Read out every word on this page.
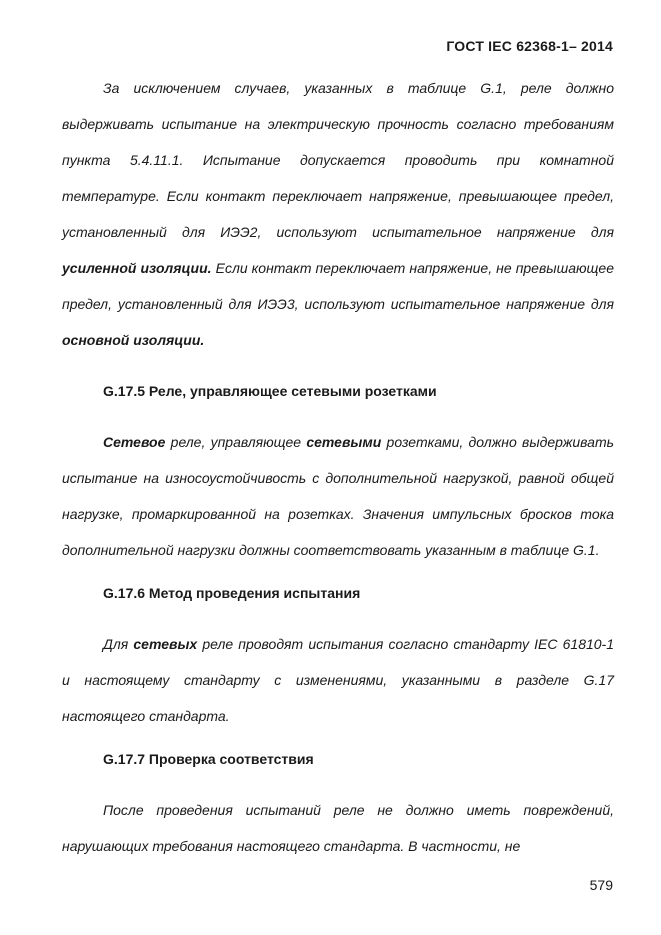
ГОСТ IEC 62368-1– 2014

За исключением случаев, указанных в таблице G.1, реле должно выдерживать испытание на электрическую прочность согласно требованиям пункта 5.4.11.1. Испытание допускается проводить при комнатной температуре. Если контакт переключает напряжение, превышающее предел, установленный для ИЭЭ2, используют испытательное напряжение для усиленной изоляции. Если контакт переключает напряжение, не превышающее предел, установленный для ИЭЭ3, используют испытательное напряжение для основной изоляции.

G.17.5 Реле, управляющее сетевыми розетками

Сетевое реле, управляющее сетевыми розетками, должно выдерживать испытание на износоустойчивость с дополнительной нагрузкой, равной общей нагрузке, промаркированной на розетках. Значения импульсных бросков тока дополнительной нагрузки должны соответствовать указанным в таблице G.1.

G.17.6 Метод проведения испытания

Для сетевых реле проводят испытания согласно стандарту IEC 61810-1 и настоящему стандарту с изменениями, указанными в разделе G.17 настоящего стандарта.

G.17.7 Проверка соответствия

После проведения испытаний реле не должно иметь повреждений, нарушающих требования настоящего стандарта. В частности, не

579
